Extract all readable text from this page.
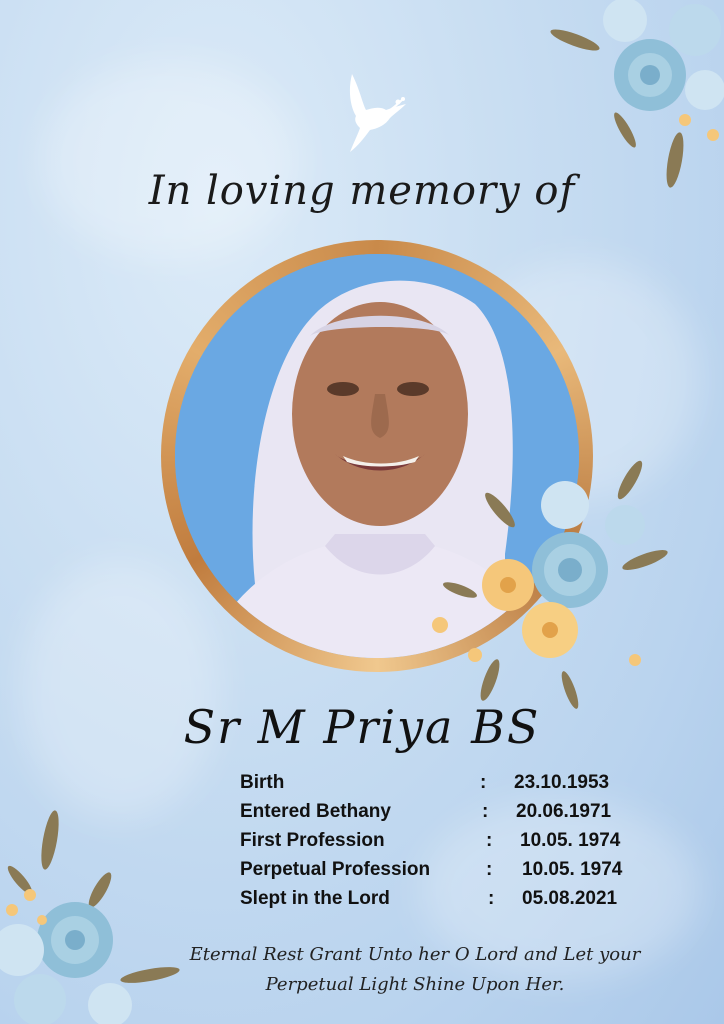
In loving memory of
Sr M Priya BS
Birth	: 23.10.1953
Entered Bethany	: 20.06.1971
First Profession	: 10.05. 1974
Perpetual Profession	: 10.05. 1974
Slept in the Lord	: 05.08.2021
Eternal Rest Grant Unto her O Lord and Let your
Perpetual Light Shine Upon Her.
